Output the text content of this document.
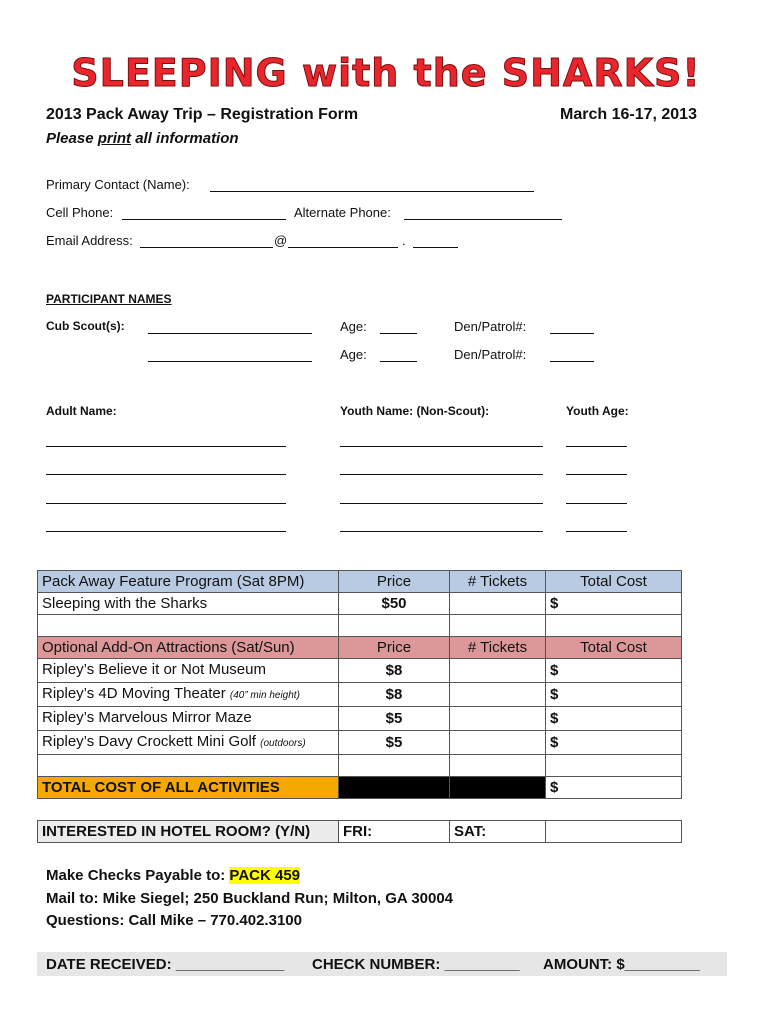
SLEEPING with the SHARKS!
2013 Pack Away Trip – Registration Form	March 16-17, 2013
Please print all information
Primary Contact (Name):
Cell Phone:	Alternate Phone:
Email Address:	@	.
PARTICIPANT NAMES
Cub Scout(s):	Age:	Den/Patrol#:
Age:	Den/Patrol#:
Adult Name:	Youth Name: (Non-Scout):	Youth Age:
Pack Away Feature Program (Sat 8PM)	Price	# Tickets	Total Cost
Sleeping with the Sharks	$50		$

Optional Add-On Attractions (Sat/Sun)	Price	# Tickets	Total Cost
Ripley’s Believe it or Not Museum	$8		$
Ripley’s 4D Moving Theater (40” min height)	$8		$
Ripley’s Marvelous Mirror Maze	$5		$
Ripley’s Davy Crockett Mini Golf (outdoors)	$5		$

TOTAL COST OF ALL ACTIVITIES			$
INTERESTED IN HOTEL ROOM? (Y/N)	FRI:	SAT:	
Make Checks Payable to: PACK 459
Mail to: Mike Siegel; 250 Buckland Run; Milton, GA 30004
Questions: Call Mike – 770.402.3100
DATE RECEIVED: _____________ CHECK NUMBER: _________ AMOUNT: $_________
